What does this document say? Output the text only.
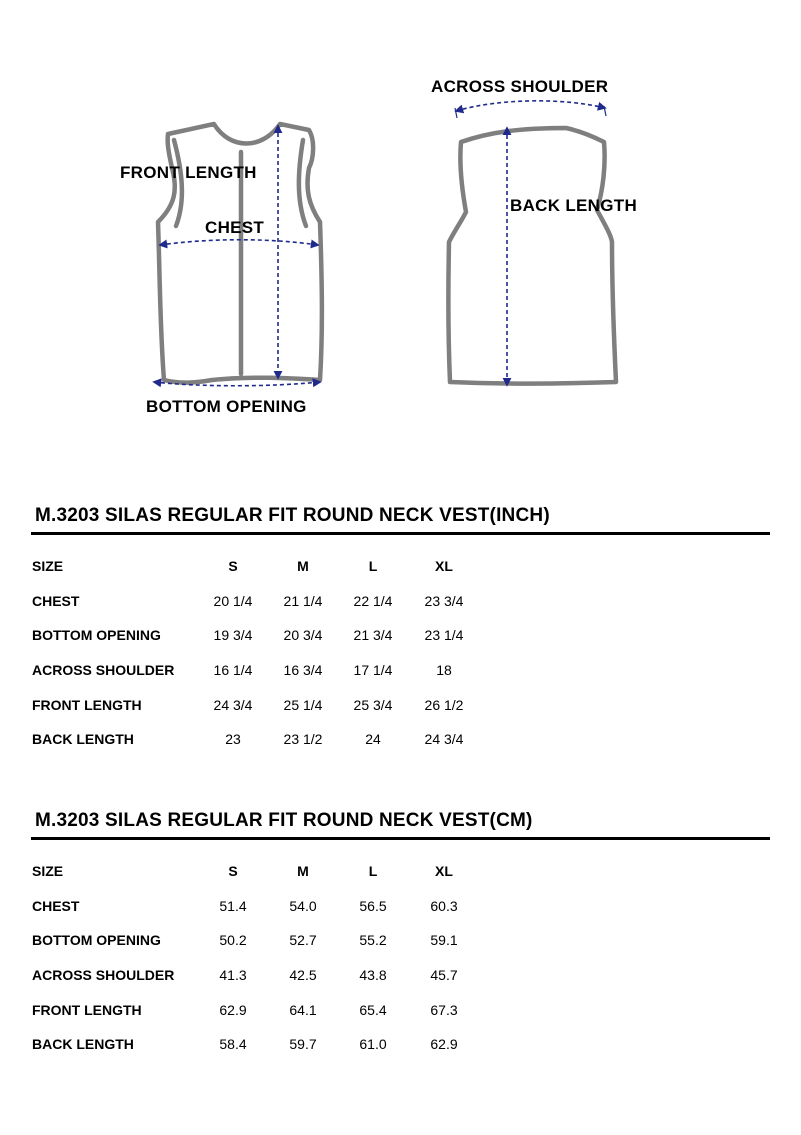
FRONT LENGTH
CHEST
BOTTOM OPENING
ACROSS SHOULDER
BACK LENGTH
M.3203 SILAS REGULAR FIT ROUND NECK VEST(INCH)
SIZE	S	M	L	XL
CHEST	20 1/4	21 1/4	22 1/4	23 3/4
BOTTOM OPENING	19 3/4	20 3/4	21 3/4	23 1/4
ACROSS SHOULDER	16 1/4	16 3/4	17 1/4	18
FRONT LENGTH	24 3/4	25 1/4	25 3/4	26 1/2
BACK LENGTH	23	23 1/2	24	24 3/4
M.3203 SILAS REGULAR FIT ROUND NECK VEST(CM)
SIZE	S	M	L	XL
CHEST	51.4	54.0	56.5	60.3
BOTTOM OPENING	50.2	52.7	55.2	59.1
ACROSS SHOULDER	41.3	42.5	43.8	45.7
FRONT LENGTH	62.9	64.1	65.4	67.3
BACK LENGTH	58.4	59.7	61.0	62.9
